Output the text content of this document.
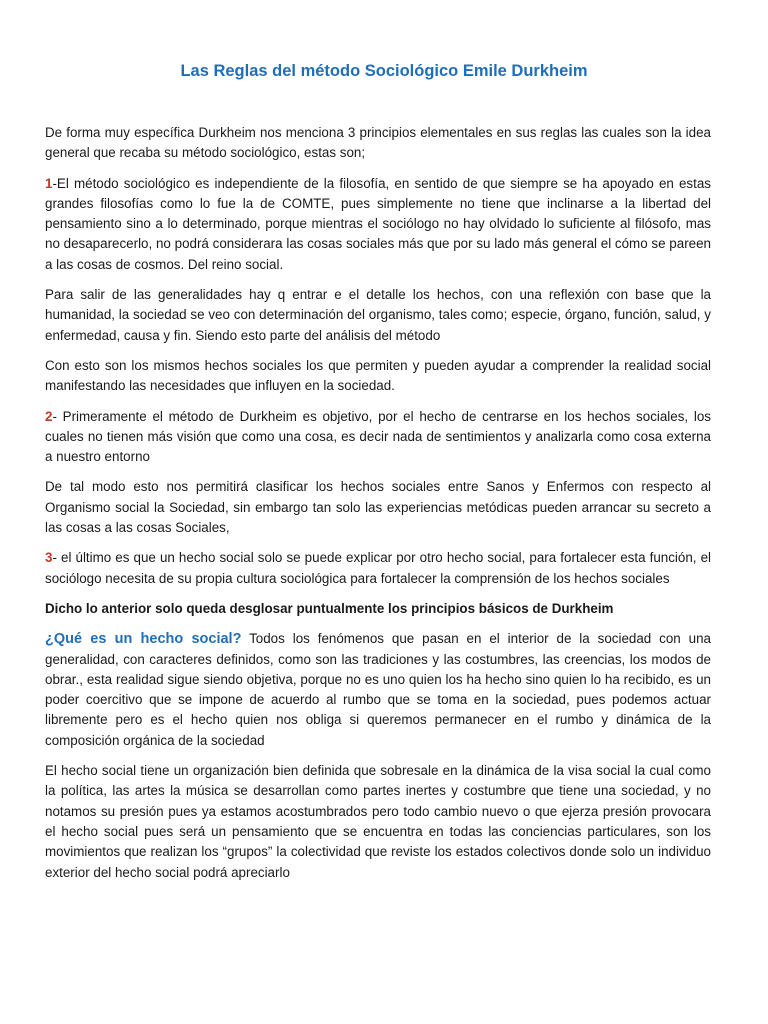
Las Reglas del método Sociológico Emile Durkheim

De forma muy específica Durkheim nos menciona 3 principios elementales en sus reglas las cuales son la idea general que recaba su método sociológico, estas son;

1-El método sociológico es independiente de la filosofía, en sentido de que siempre se ha apoyado en estas grandes filosofías como lo fue la de COMTE, pues simplemente no tiene que inclinarse a la libertad del pensamiento sino a lo determinado, porque mientras el sociólogo no hay olvidado lo suficiente al filósofo, mas no desaparecerlo, no podrá considerara las cosas sociales más que por su lado más general el cómo se pareen a las cosas de cosmos. Del reino social.

Para salir de las generalidades hay q entrar e el detalle los hechos, con una reflexión con base que la humanidad, la sociedad se veo con determinación del organismo, tales como; especie, órgano, función, salud, y enfermedad, causa y fin. Siendo esto parte del análisis del método

Con esto son los mismos hechos sociales los que permiten y pueden ayudar a comprender la realidad social manifestando las necesidades que influyen en la sociedad.

2- Primeramente el método de Durkheim es objetivo, por el hecho de centrarse en los hechos sociales, los cuales no tienen más visión que como una cosa, es decir nada de sentimientos y analizarla como cosa externa a nuestro entorno

De tal modo esto nos permitirá clasificar los hechos sociales entre Sanos y Enfermos con respecto al Organismo social la Sociedad, sin embargo tan solo las experiencias metódicas pueden arrancar su secreto a las cosas a las cosas Sociales,

3- el último es que un hecho social solo se puede explicar por otro hecho social, para fortalecer esta función, el sociólogo necesita de su propia cultura sociológica para fortalecer la comprensión de los hechos sociales

Dicho lo anterior solo queda desglosar puntualmente los principios básicos de Durkheim

¿Qué es un hecho social? Todos los fenómenos que pasan en el interior de la sociedad con una generalidad, con caracteres definidos, como son las tradiciones y las costumbres, las creencias, los modos de obrar., esta realidad sigue siendo objetiva, porque no es uno quien los ha hecho sino quien lo ha recibido, es un poder coercitivo que se impone de acuerdo al rumbo que se toma en la sociedad, pues podemos actuar libremente pero es el hecho quien nos obliga si queremos permanecer en el rumbo y dinámica de la composición orgánica de la sociedad

El hecho social tiene un organización bien definida que sobresale en la dinámica de la visa social la cual como la política, las artes la música se desarrollan como partes inertes y costumbre que tiene una sociedad, y no notamos su presión pues ya estamos acostumbrados pero todo cambio nuevo o que ejerza presión provocara el hecho social pues será un pensamiento que se encuentra en todas las conciencias particulares, son los movimientos que realizan los “grupos” la colectividad que reviste los estados colectivos donde solo un individuo exterior del hecho social podrá apreciarlo
